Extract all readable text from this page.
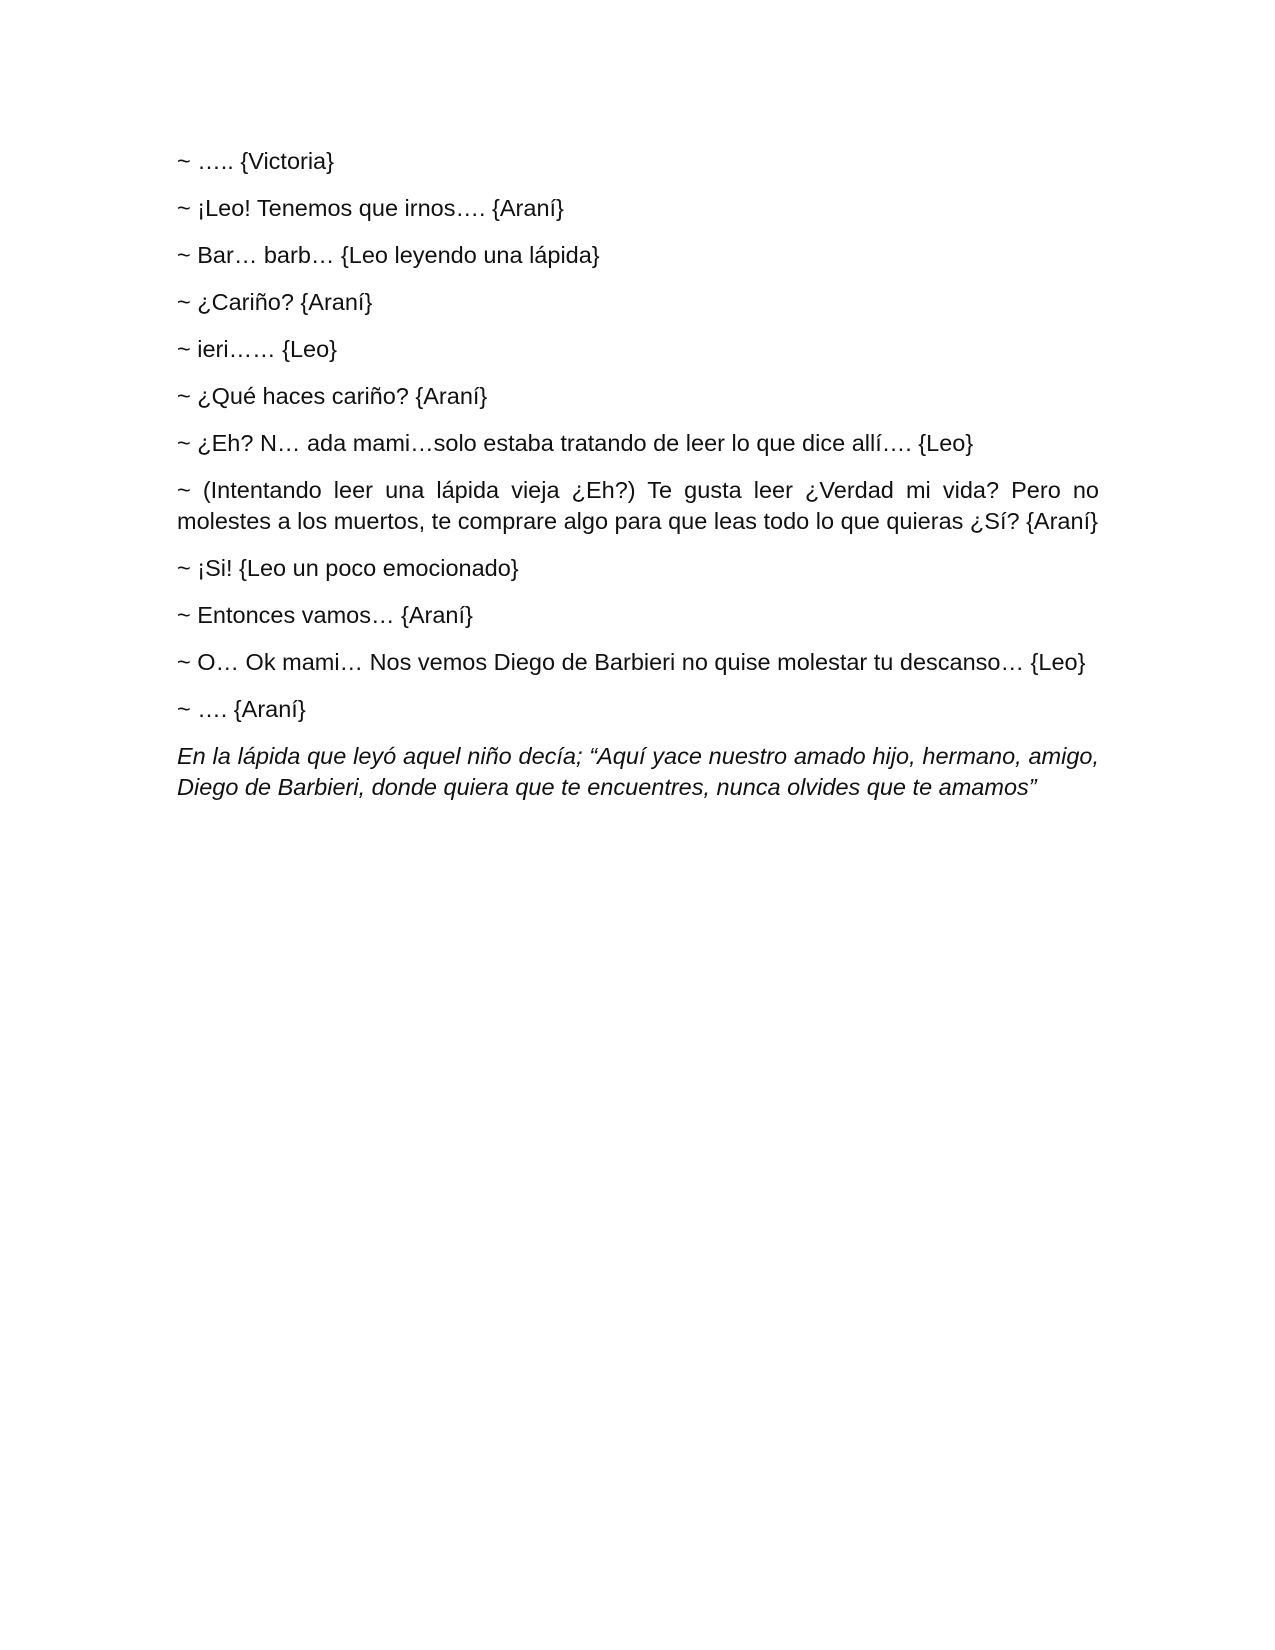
~ ….. {Victoria}

~ ¡Leo! Tenemos que irnos…. {Araní}

~ Bar… barb… {Leo leyendo una lápida}

~ ¿Cariño? {Araní}

~ ieri…… {Leo}

~ ¿Qué haces cariño? {Araní}

~ ¿Eh? N… ada mami…solo estaba tratando de leer lo que dice allí…. {Leo}

~ (Intentando leer una lápida vieja ¿Eh?) Te gusta leer ¿Verdad mi vida? Pero no molestes a los muertos, te comprare algo para que leas todo lo que quieras ¿Sí? {Araní}

~ ¡Si! {Leo un poco emocionado}

~ Entonces vamos… {Araní}

~ O… Ok mami… Nos vemos Diego de Barbieri no quise molestar tu descanso… {Leo}

~ …. {Araní}

En la lápida que leyó aquel niño decía; “Aquí yace nuestro amado hijo, hermano, amigo, Diego de Barbieri, donde quiera que te encuentres, nunca olvides que te amamos”
